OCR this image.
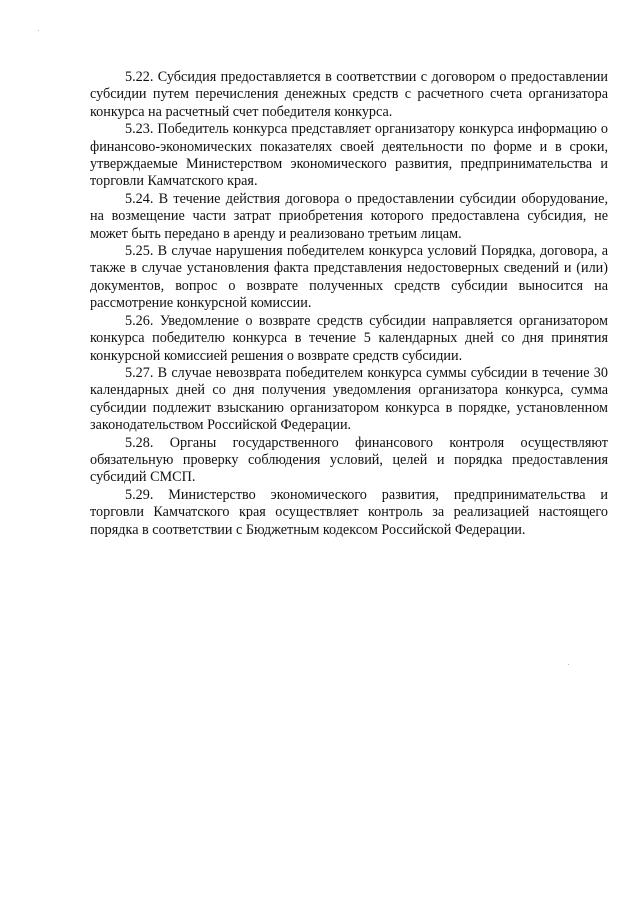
5.22. Субсидия предоставляется в соответствии с договором о предоставлении субсидии путем перечисления денежных средств с расчетного счета организатора конкурса на расчетный счет победителя конкурса.

5.23. Победитель конкурса представляет организатору конкурса информацию о финансово-экономических показателях своей деятельности по форме и в сроки, утверждаемые Министерством экономического развития, предпринимательства и торговли Камчатского края.

5.24. В течение действия договора о предоставлении субсидии оборудование, на возмещение части затрат приобретения которого предоставлена субсидия, не может быть передано в аренду и реализовано третьим лицам.

5.25. В случае нарушения победителем конкурса условий Порядка, договора, а также в случае установления факта представления недостоверных сведений и (или) документов, вопрос о возврате полученных средств субсидии выносится на рассмотрение конкурсной комиссии.

5.26. Уведомление о возврате средств субсидии направляется организатором конкурса победителю конкурса в течение 5 календарных дней со дня принятия конкурсной комиссией решения о возврате средств субсидии.

5.27. В случае невозврата победителем конкурса суммы субсидии в течение 30 календарных дней со дня получения уведомления организатора конкурса, сумма субсидии подлежит взысканию организатором конкурса в порядке, установленном законодательством Российской Федерации.

5.28. Органы государственного финансового контроля осуществляют обязательную проверку соблюдения условий, целей и порядка предоставления субсидий СМСП.

5.29. Министерство экономического развития, предпринимательства и торговли Камчатского края осуществляет контроль за реализацией настоящего порядка в соответствии с Бюджетным кодексом Российской Федерации.
